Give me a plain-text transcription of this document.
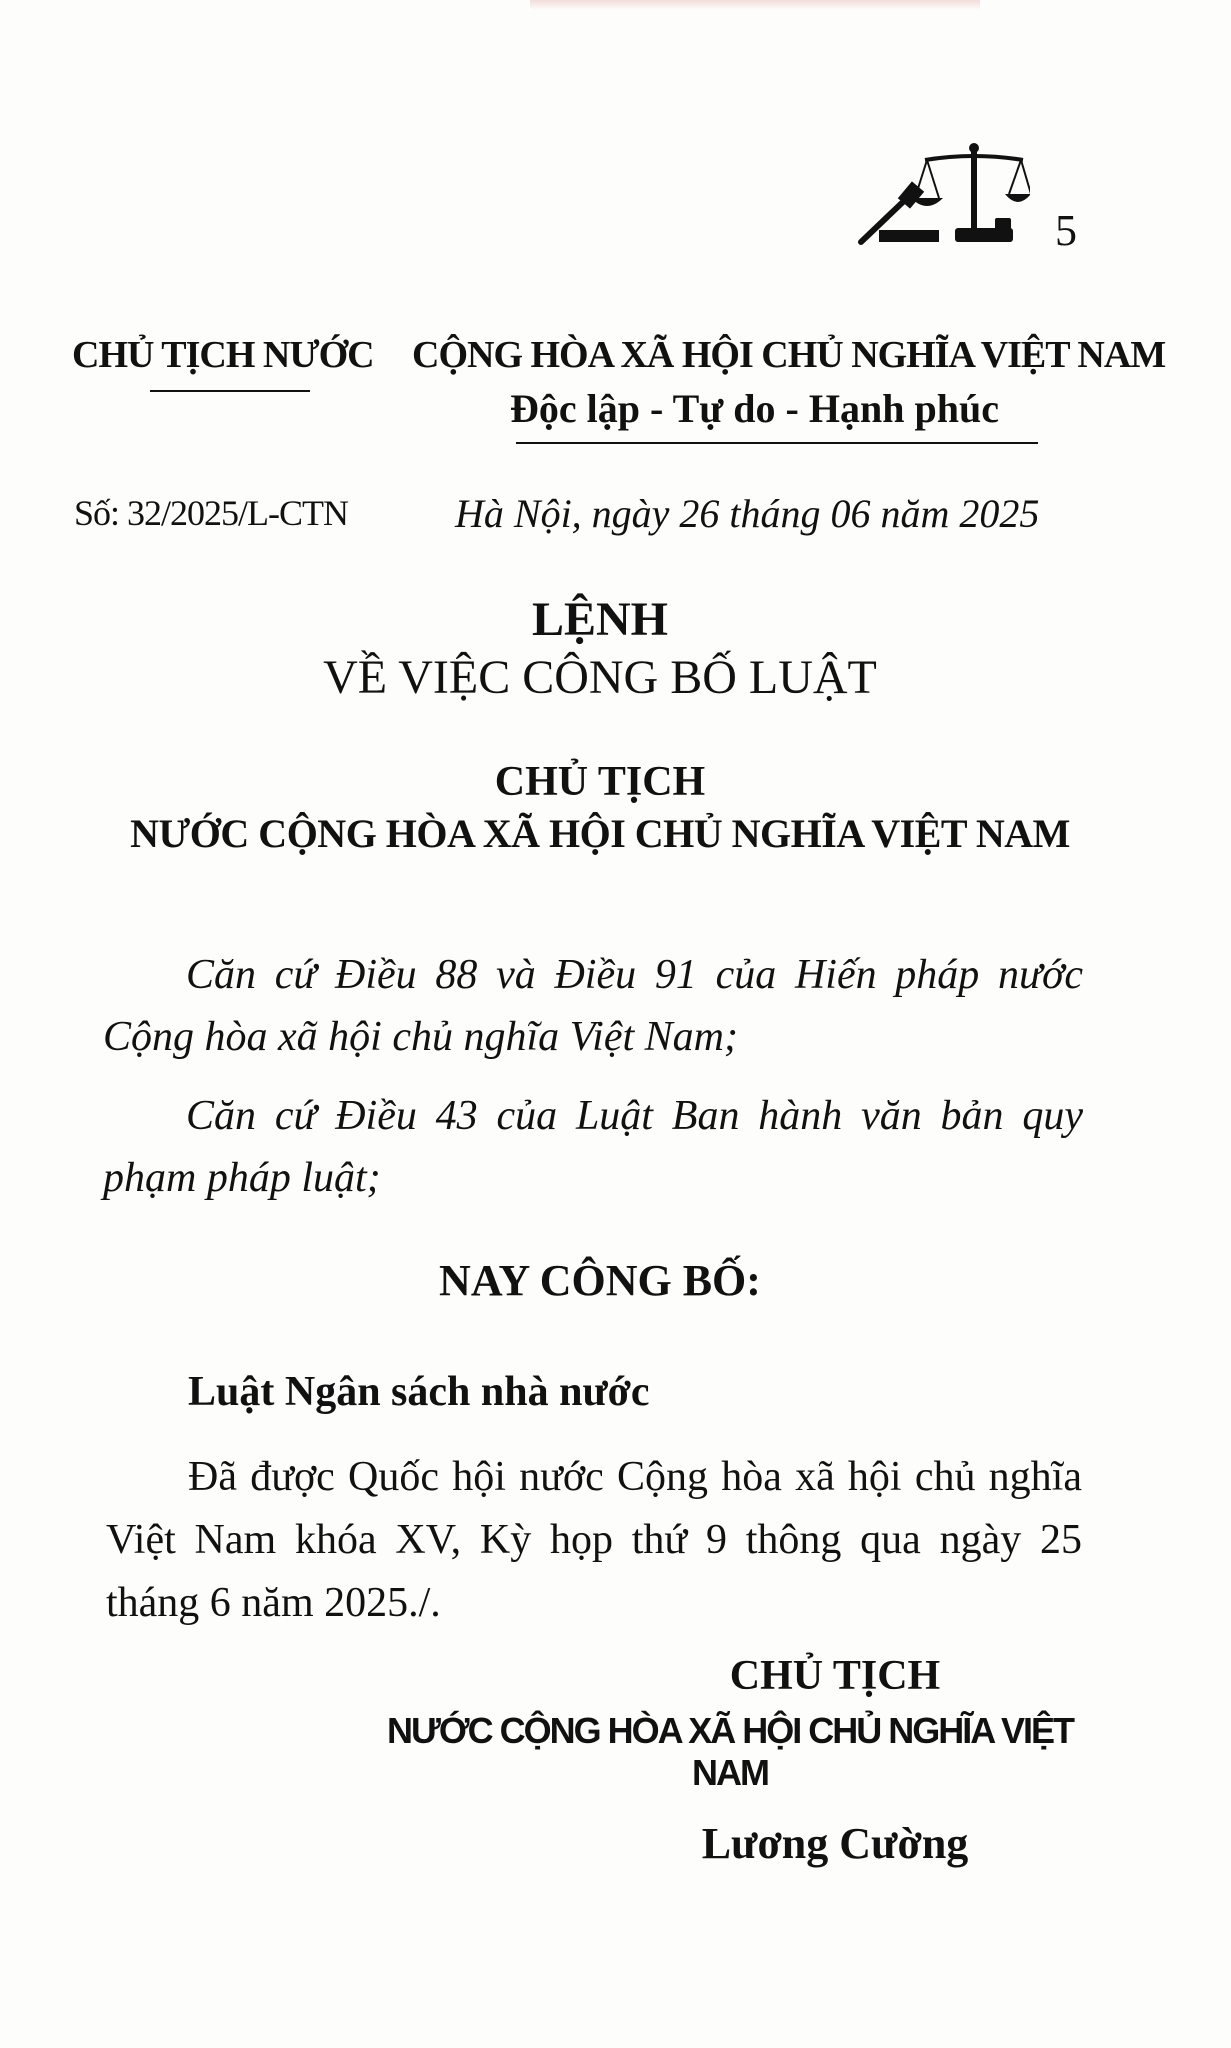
5
CHỦ TỊCH NƯỚC CỘNG HÒA XÃ HỘI CHỦ NGHĨA VIỆT NAM
Độc lập - Tự do - Hạnh phúc
Số: 32/2025/L-CTN	Hà Nội, ngày 26 tháng 06 năm 2025
LỆNH
VỀ VIỆC CÔNG BỐ LUẬT
CHỦ TỊCH
NƯỚC CỘNG HÒA XÃ HỘI CHỦ NGHĨA VIỆT NAM

Căn cứ Điều 88 và Điều 91 của Hiến pháp nước Cộng hòa xã hội chủ nghĩa Việt Nam;

Căn cứ Điều 43 của Luật Ban hành văn bản quy phạm pháp luật;

NAY CÔNG BỐ:
Luật Ngân sách nhà nước

Đã được Quốc hội nước Cộng hòa xã hội chủ nghĩa Việt Nam khóa XV, Kỳ họp thứ 9 thông qua ngày 25 tháng 6 năm 2025./.

CHỦ TỊCH
NƯỚC CỘNG HÒA XÃ HỘI CHỦ NGHĨA VIỆT NAM
Lương Cường
